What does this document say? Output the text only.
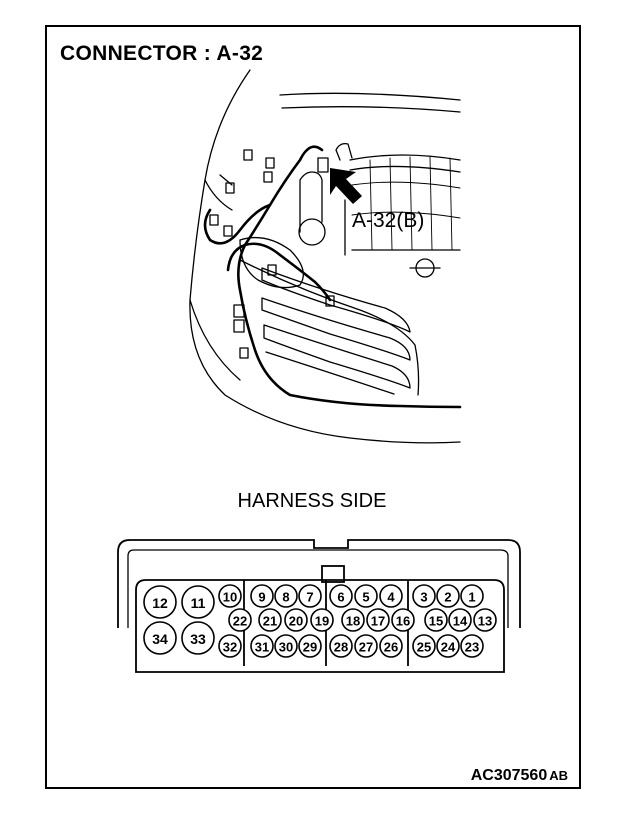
CONNECTOR : A-32
A-32(B)
HARNESS SIDE
12 11
34 33
10 9 8 7 6 5 4 3 2 1
22 21 20 19 18 17 16 15 14 13
32 31 30 29 28 27 26 25 24 23
AC307560 AB
